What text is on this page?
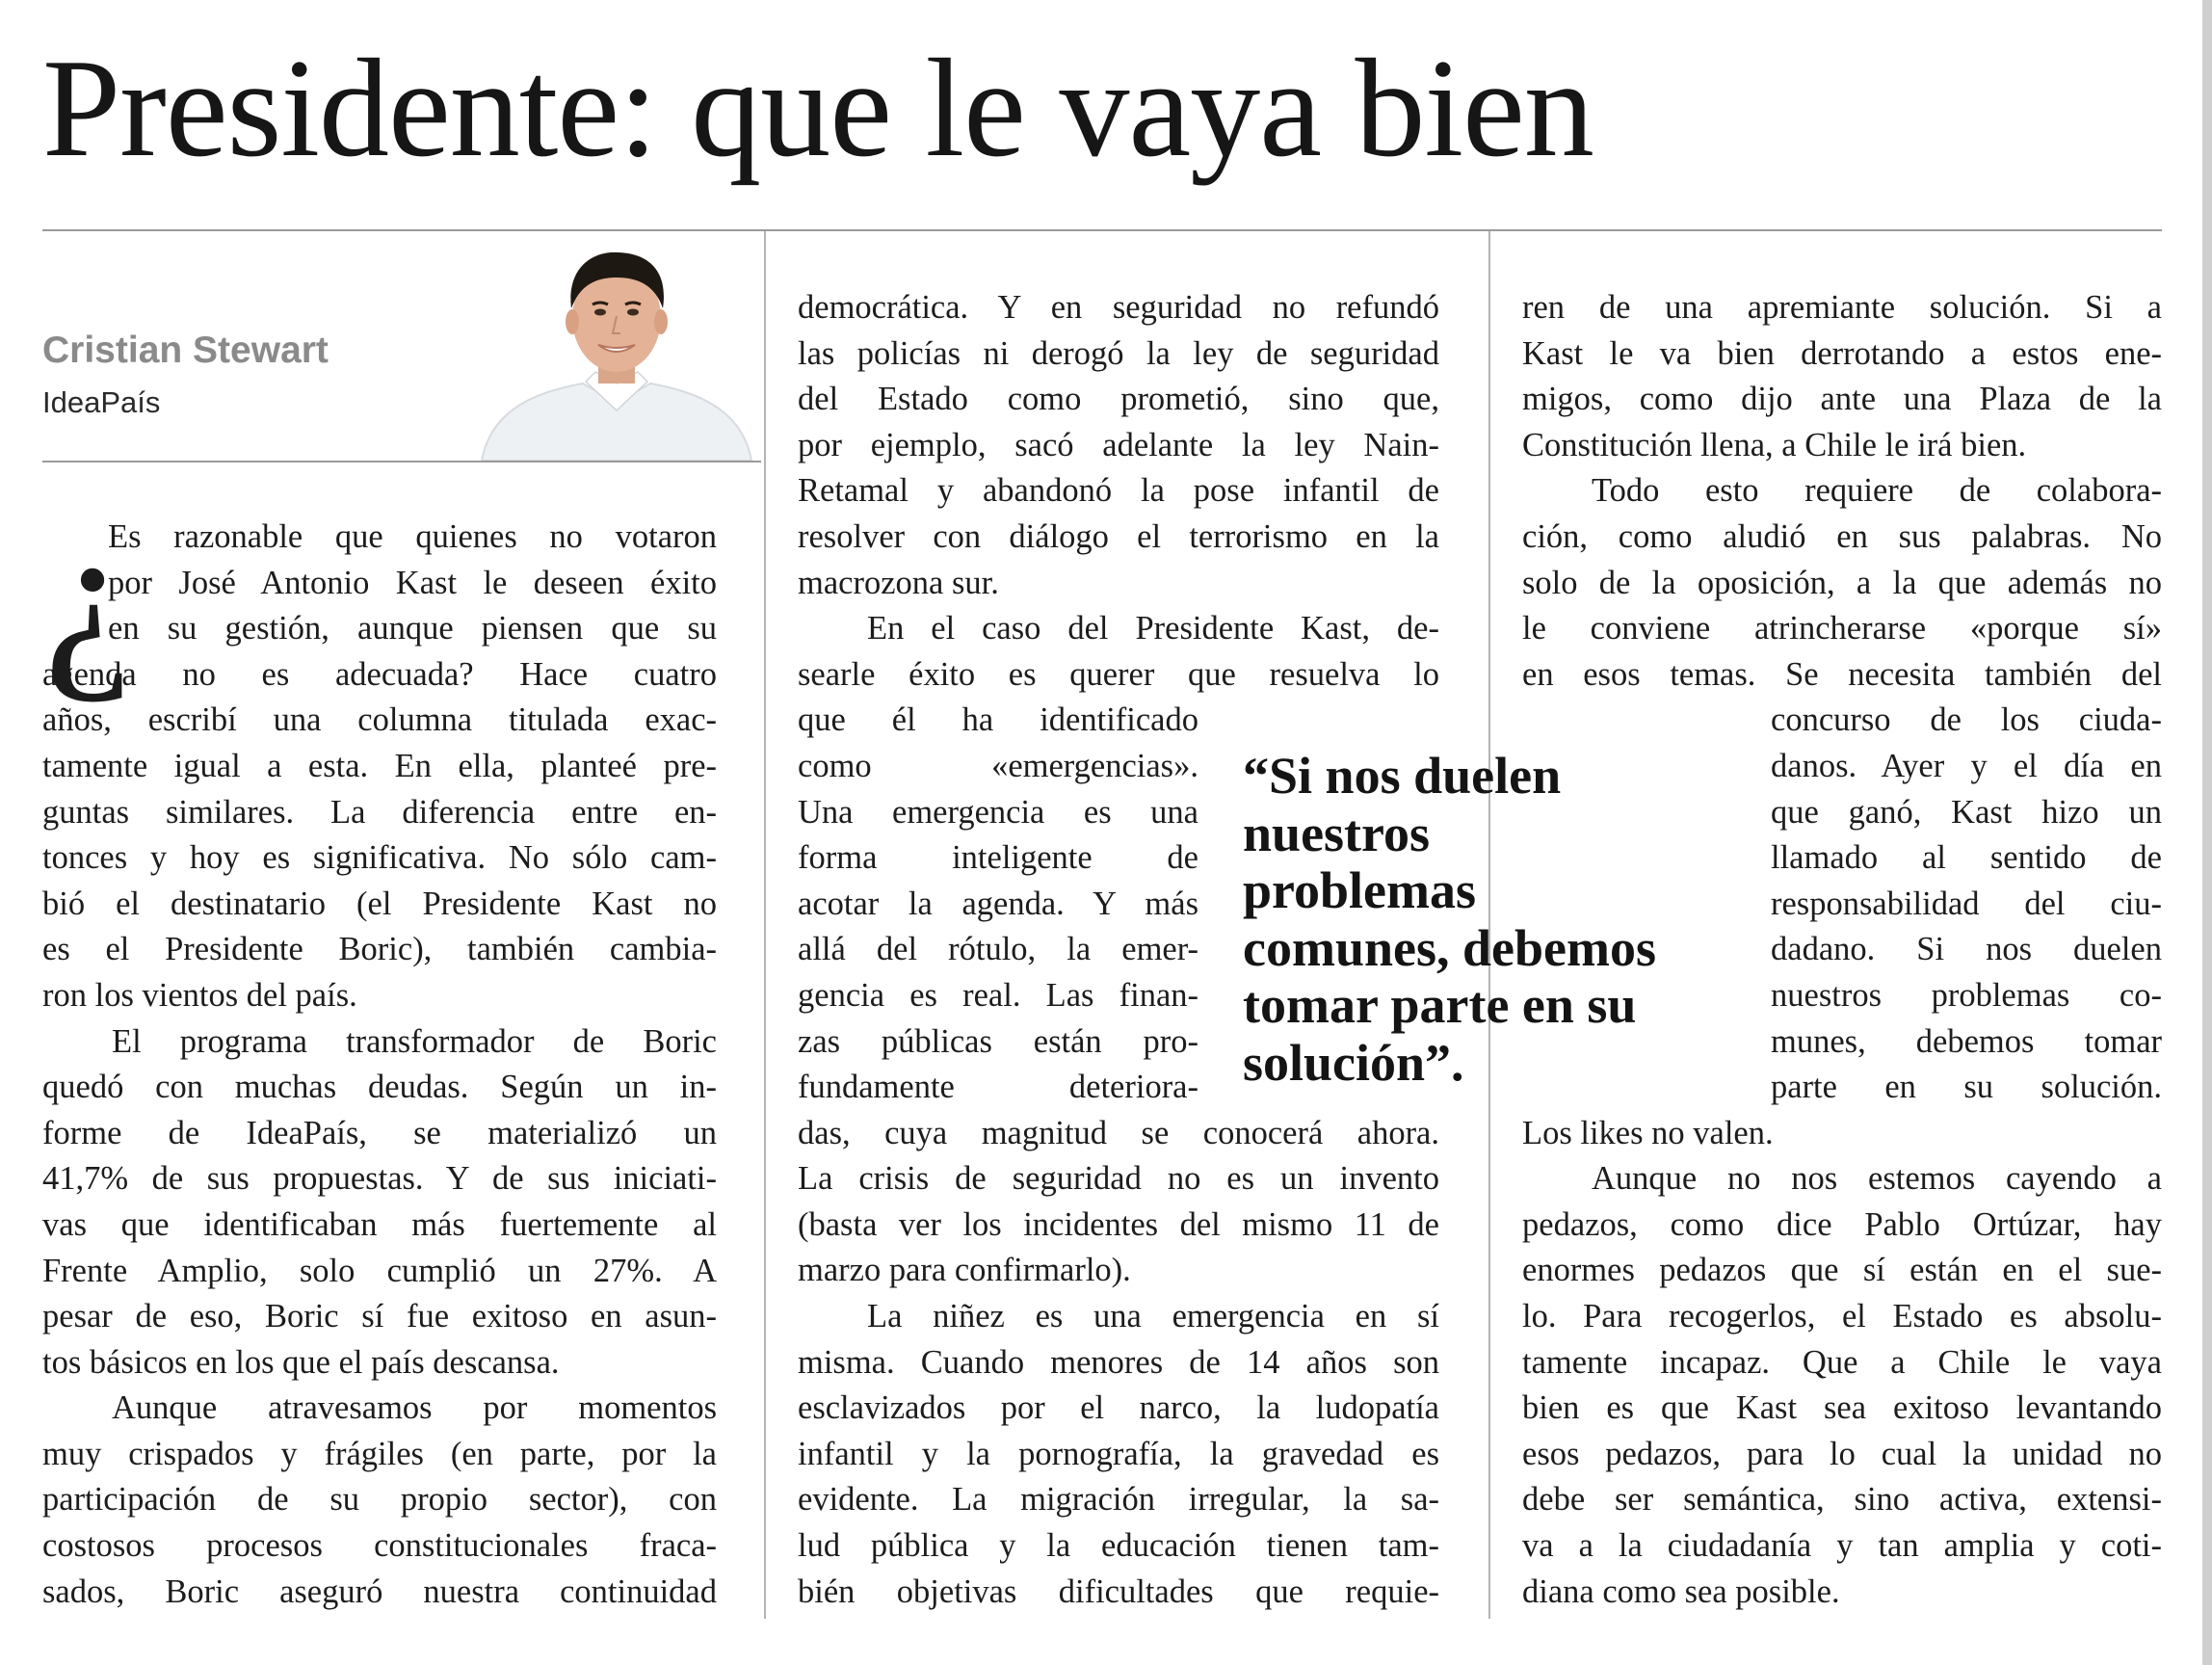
Presidente: que le vaya bien
Cristian Stewart
IdeaPaís
¿
Es razonable que quienes no votaron
por José Antonio Kast le deseen éxito
en su gestión, aunque piensen que su
agenda no es adecuada? Hace cuatro
años, escribí una columna titulada exac-
tamente igual a esta. En ella, planteé pre-
guntas similares. La diferencia entre en-
tonces y hoy es significativa. No sólo cam-
bió el destinatario (el Presidente Kast no
es el Presidente Boric), también cambia-
ron los vientos del país.
El programa transformador de Boric
quedó con muchas deudas. Según un in-
forme de IdeaPaís, se materializó un
41,7% de sus propuestas. Y de sus iniciati-
vas que identificaban más fuertemente al
Frente Amplio, solo cumplió un 27%. A
pesar de eso, Boric sí fue exitoso en asun-
tos básicos en los que el país descansa.
Aunque atravesamos por momentos
muy crispados y frágiles (en parte, por la
participación de su propio sector), con
costosos procesos constitucionales fraca-
sados, Boric aseguró nuestra continuidad
democrática. Y en seguridad no refundó
las policías ni derogó la ley de seguridad
del Estado como prometió, sino que,
por ejemplo, sacó adelante la ley Nain-
Retamal y abandonó la pose infantil de
resolver con diálogo el terrorismo en la
macrozona sur.
En el caso del Presidente Kast, de-
searle éxito es querer que resuelva lo
que él ha identificado
como «emergencias».
Una emergencia es una
forma inteligente de
acotar la agenda. Y más
allá del rótulo, la emer-
gencia es real. Las finan-
zas públicas están pro-
fundamente deteriora-
das, cuya magnitud se conocerá ahora.
La crisis de seguridad no es un invento
(basta ver los incidentes del mismo 11 de
marzo para confirmarlo).
La niñez es una emergencia en sí
misma. Cuando menores de 14 años son
esclavizados por el narco, la ludopatía
infantil y la pornografía, la gravedad es
evidente. La migración irregular, la sa-
lud pública y la educación tienen tam-
bién objetivas dificultades que requie-
ren de una apremiante solución. Si a
Kast le va bien derrotando a estos ene-
migos, como dijo ante una Plaza de la
Constitución llena, a Chile le irá bien.
Todo esto requiere de colabora-
ción, como aludió en sus palabras. No
solo de la oposición, a la que además no
le conviene atrincherarse «porque sí»
en esos temas. Se necesita también del
concurso de los ciuda-
danos. Ayer y el día en
que ganó, Kast hizo un
llamado al sentido de
responsabilidad del ciu-
dadano. Si nos duelen
nuestros problemas co-
munes, debemos tomar
parte en su solución.
Los likes no valen.
Aunque no nos estemos cayendo a
pedazos, como dice Pablo Ortúzar, hay
enormes pedazos que sí están en el sue-
lo. Para recogerlos, el Estado es absolu-
tamente incapaz. Que a Chile le vaya
bien es que Kast sea exitoso levantando
esos pedazos, para lo cual la unidad no
debe ser semántica, sino activa, extensi-
va a la ciudadanía y tan amplia y coti-
diana como sea posible.
“Si nos duelen
nuestros
problemas
comunes, debemos
tomar parte en su
solución”.
